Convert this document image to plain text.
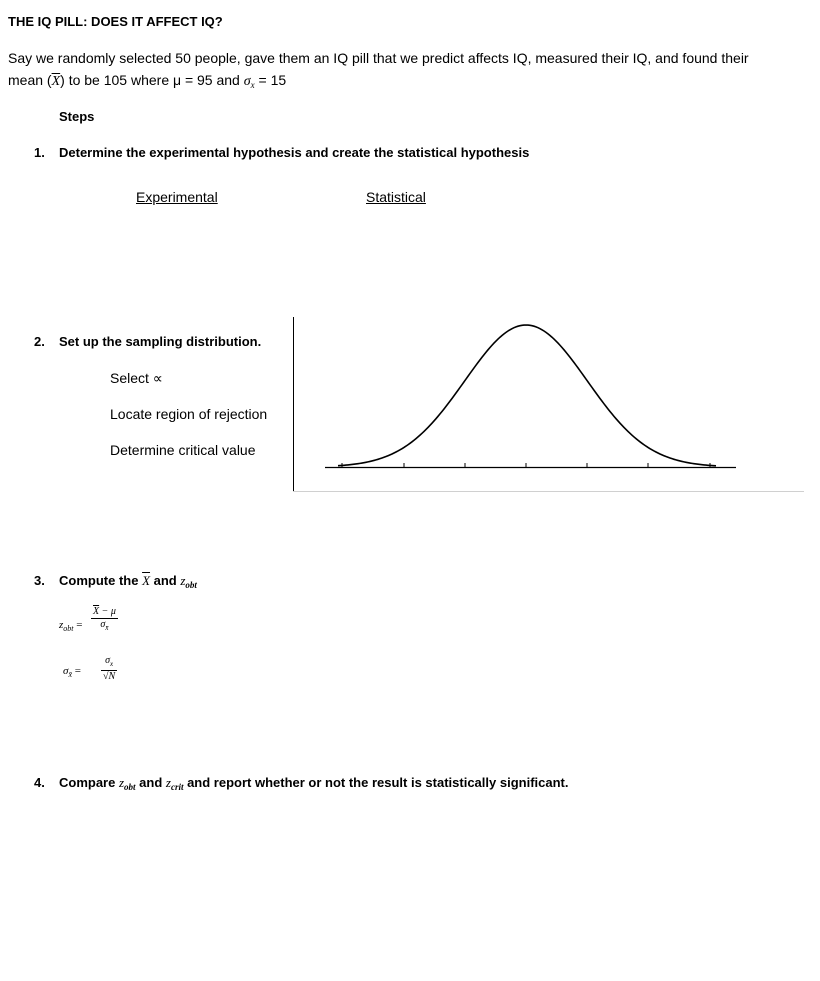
THE IQ PILL: DOES IT AFFECT IQ?
Say we randomly selected 50 people, gave them an IQ pill that we predict affects IQ, measured their IQ, and found their
mean $(\overline{X})$ to be 105 where μ = 95 and $\sigma_x = 15$
Steps
1. Determine the experimental hypothesis and create the statistical hypothesis
Experimental	Statistical
2. Set up the sampling distribution.
Select ∝
Locate region of rejection
Determine critical value
3. Compute the $\overline{X}$ and $z_{obt}$
$z_{obt} = \frac{\overline{X} - \mu}{\sigma_{x̄}}$
$\sigma_{x̄} = \frac{\sigma_x}{√N}$
4. Compare $z_{obt}$ and $z_{crit}$ and report whether or not the result is statistically significant.
